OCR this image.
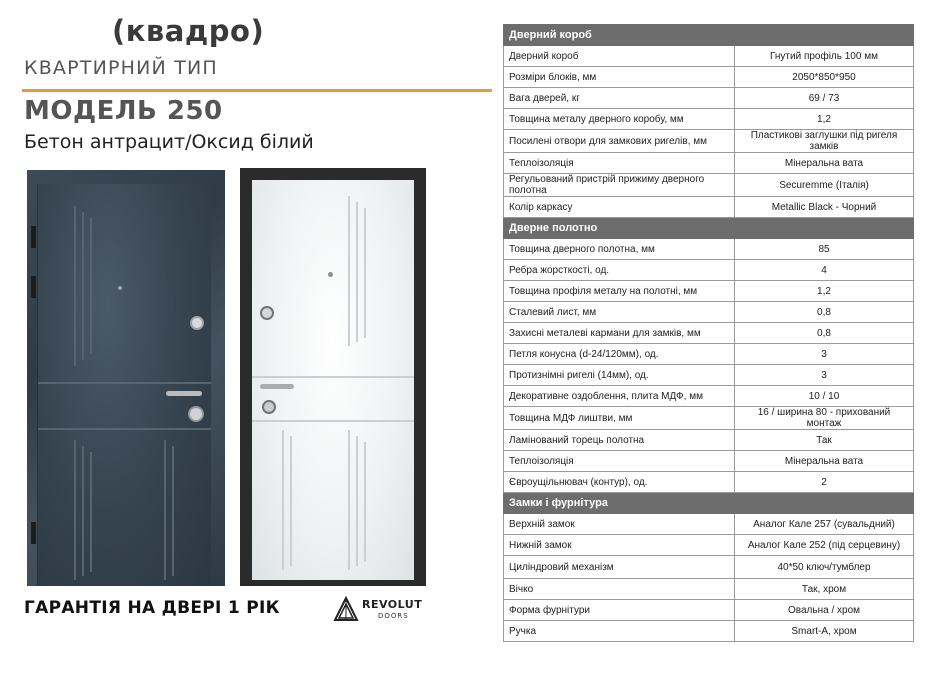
(квадро)
КВАРТИРНИЙ ТИП
МОДЕЛЬ 250
Бетон антрацит/Оксид білий
ГАРАНТІЯ НА ДВЕРІ 1 РІК	REVOLUT
DOORS
Дверний короб	
Дверний короб	Гнутий профіль 100 мм
Розміри блоків, мм	2050*850*950
Вага дверей, кг	69 / 73
Товщина металу дверного коробу, мм	1,2
Посилені отвори для замкових ригелів, мм	Пластикові заглушки під ригеля замків
Теплоізоляція	Мінеральна вата
Регульований пристрій прижиму дверного полотна	Securemme (Італія)
Колір каркасу	Metallic Black - Чорний
Дверне полотно	
Товщина дверного полотна, мм	85
Ребра жорсткості, од.	4
Товщина профіля металу на полотні, мм	1,2
Сталевий лист, мм	0,8
Захисні металеві кармани для замків, мм	0,8
Петля конусна (d-24/120мм), од.	3
Протизнімні ригелі (14мм), од.	3
Декоративне оздоблення, плита МДФ, мм	10 / 10
Товщина МДФ лиштви, мм	16 / ширина 80 - прихований монтаж
Ламінований торець полотна	Так
Теплоізоляція	Мінеральна вата
Євроущільнювач (контур), од.	2
Замки і фурнітура	
Верхній замок	Аналог Кале 257 (сувальдний)
Нижній замок	Аналог Кале 252 (під серцевину)
Циліндровий механізм	40*50 ключ/тумблер
Вічко	Так, хром
Форма фурнітури	Овальна / хром
Ручка	Smart-A, хром
